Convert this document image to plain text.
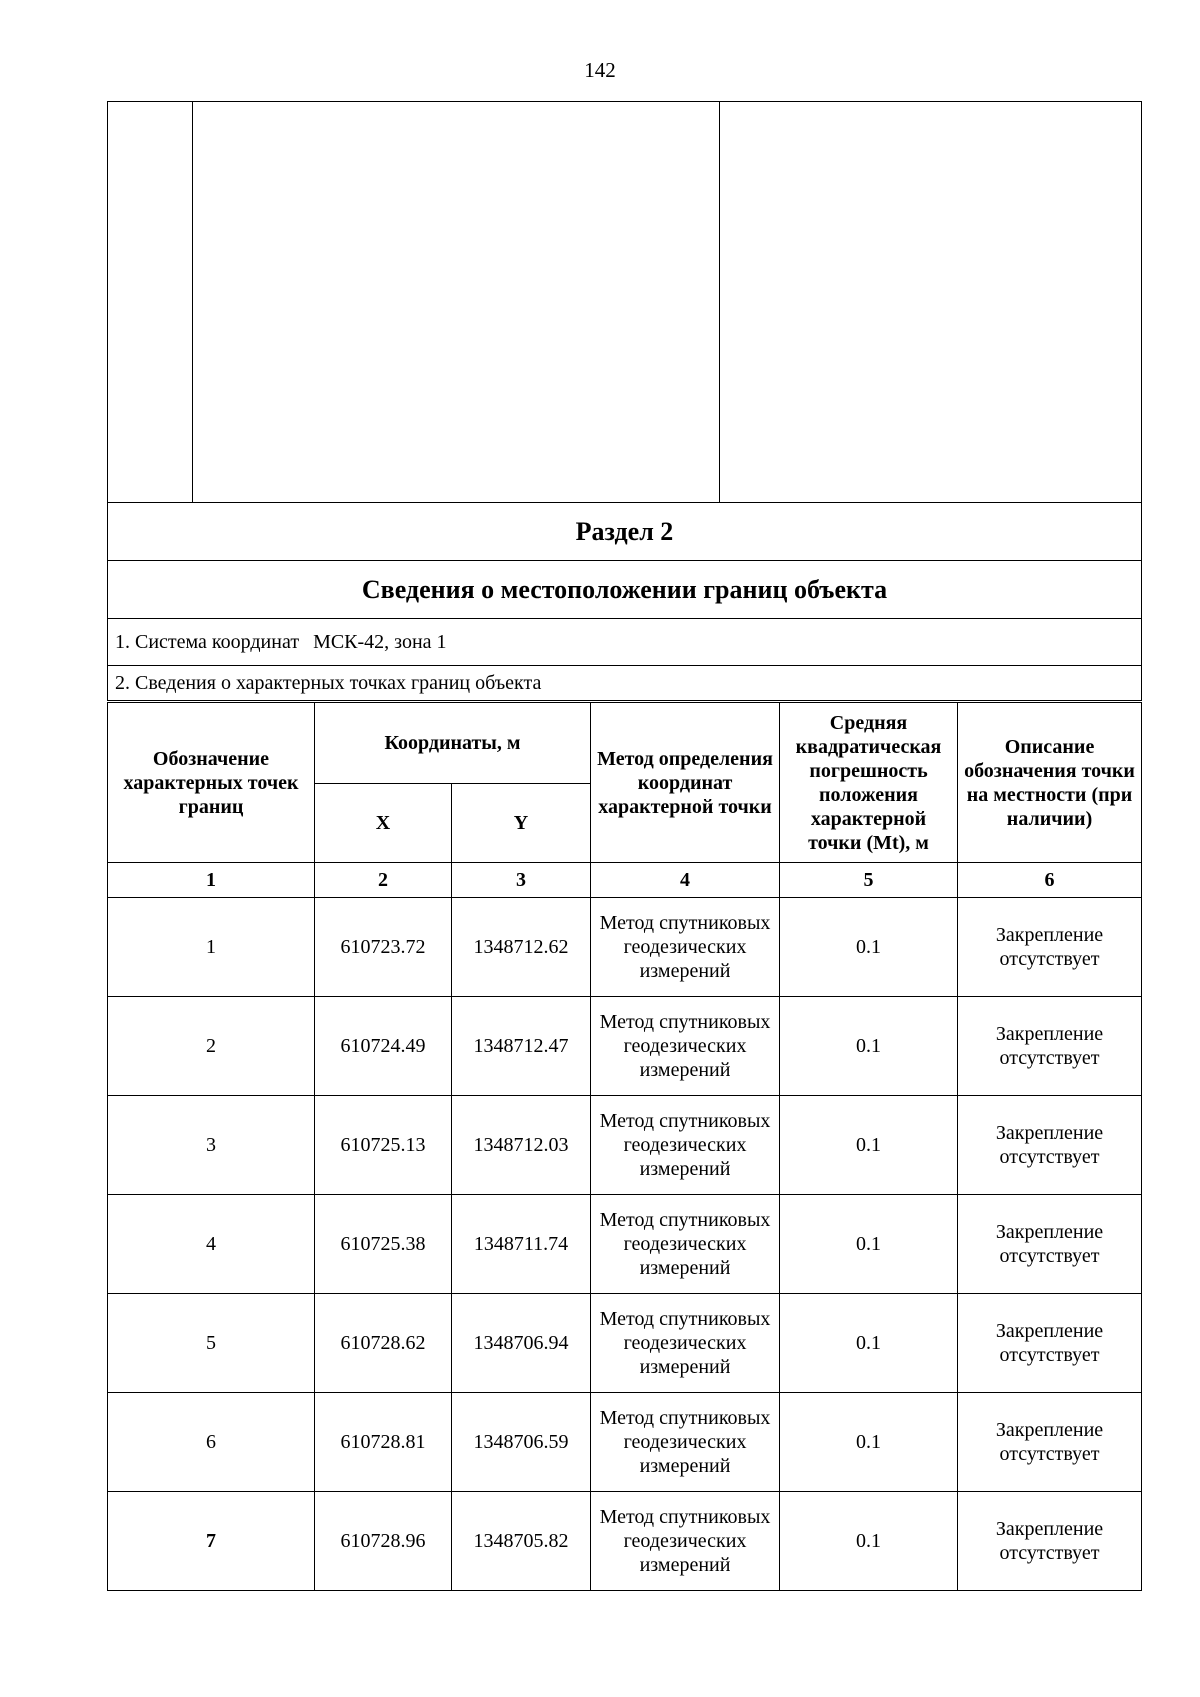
142

Раздел 2
Сведения о местоположении границ объекта
1. Система координат МСК-42, зона 1
2. Сведения о характерных точках границ объекта
Обозначение характерных точек границ	Координаты, м		Метод определения координат характерной точки	Средняя квадратическая погрешность положения характерной точки (Mt), м	Описание обозначения точки на местности (при наличии)
	X	Y			
1	2	3	4	5	6
1	610723.72	1348712.62	Метод спутниковых геодезических измерений	0.1	Закрепление отсутствует
2	610724.49	1348712.47	Метод спутниковых геодезических измерений	0.1	Закрепление отсутствует
3	610725.13	1348712.03	Метод спутниковых геодезических измерений	0.1	Закрепление отсутствует
4	610725.38	1348711.74	Метод спутниковых геодезических измерений	0.1	Закрепление отсутствует
5	610728.62	1348706.94	Метод спутниковых геодезических измерений	0.1	Закрепление отсутствует
6	610728.81	1348706.59	Метод спутниковых геодезических измерений	0.1	Закрепление отсутствует
7	610728.96	1348705.82	Метод спутниковых геодезических измерений	0.1	Закрепление отсутствует
